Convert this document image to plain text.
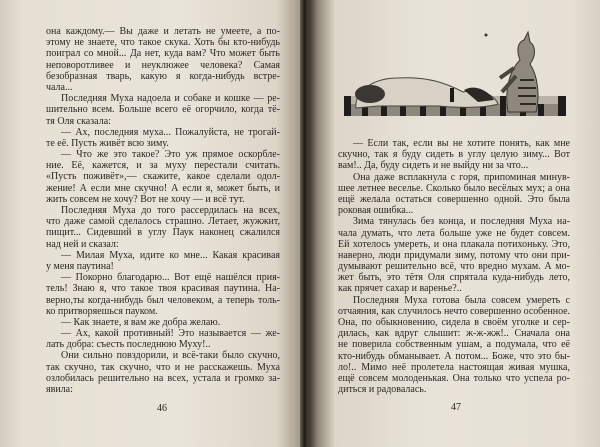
она каждому.— Вы даже и летать не умеете, а по-
этому не знаете, что такое скука. Хоть бы кто-нибудь
поиграл со мной... Да нет, куда вам? Что может быть
неповоротливее и неуклюжее человека? Самая
безобразная тварь, какую я когда-нибудь встре-
чала...
Последняя Муха надоела и собаке и кошке — ре-
шительно всем. Больше всего её огорчило, когда тё-
тя Оля сказала:
— Ах, последняя муха... Пожалуйста, не трогай-
те её. Пусть живёт всю зиму.
— Что же это такое? Это уж прямое оскорбле-
ние. Её, кажется, и за муху перестали считать.
«Пусть поживёт»,— скажите, какое сделали одол-
жение! А если мне скучно! А если я, может быть, и
жить совсем не хочу? Вот не хочу — и всё тут.
Последняя Муха до того рассердилась на всех,
что даже самой сделалось страшно. Летает, жужжит,
пищит... Сидевший в углу Паук наконец сжалился
над ней и сказал:
— Милая Муха, идите ко мне... Какая красивая
у меня паутина!
— Покорно благодарю... Вот ещё нашёлся прия-
тель! Знаю я, что такое твоя красивая паутина. На-
верно,ты когда-нибудь был человеком, а теперь толь-
ко притворяешься пауком.
— Как знаете, я вам же добра желаю.
— Ах, какой противный! Это называется — же-
лать добра: съесть последнюю Муху!..
Они сильно повздорили, и всё-таки было скучно,
так скучно, так скучно, что и не расскажешь. Муха
озлобилась решительно на всех, устала и громко за-
явила:
46
— Если так, если вы не хотите понять, как мне
скучно, так я буду сидеть в углу целую зиму... Вот
вам!.. Да, буду сидеть и не выйду ни за что...
Она даже всплакнула с горя, припоминая минув-
шее летнее веселье. Сколько было весёлых мух; а она
ещё желала остаться совершенно одной. Это была
роковая ошибка...
Зима тянулась без конца, и последняя Муха на-
чала думать, что лета больше уже не будет совсем.
Ей хотелось умереть, и она плакала потихоньку. Это,
наверно, люди придумали зиму, потому что они при-
думывают решительно всё, что вредно мухам. А мо-
жет быть, это тётя Оля спрятала куда-нибудь лето,
как прячет сахар и варенье?..
Последняя Муха готова была совсем умереть с
отчаяния, как случилось нечто совершенно особенное.
Она, по обыкновению, сидела в своём уголке и сер-
дилась, как вдруг слышит: ж-ж-жж!.. Сначала она
не поверила собственным ушам, а подумала, что её
кто-нибудь обманывает. А потом... Боже, что это бы-
ло!.. Мимо неё пролетела настоящая живая мушка,
ещё совсем молоденькая. Она только что успела ро-
диться и радовалась.
47
